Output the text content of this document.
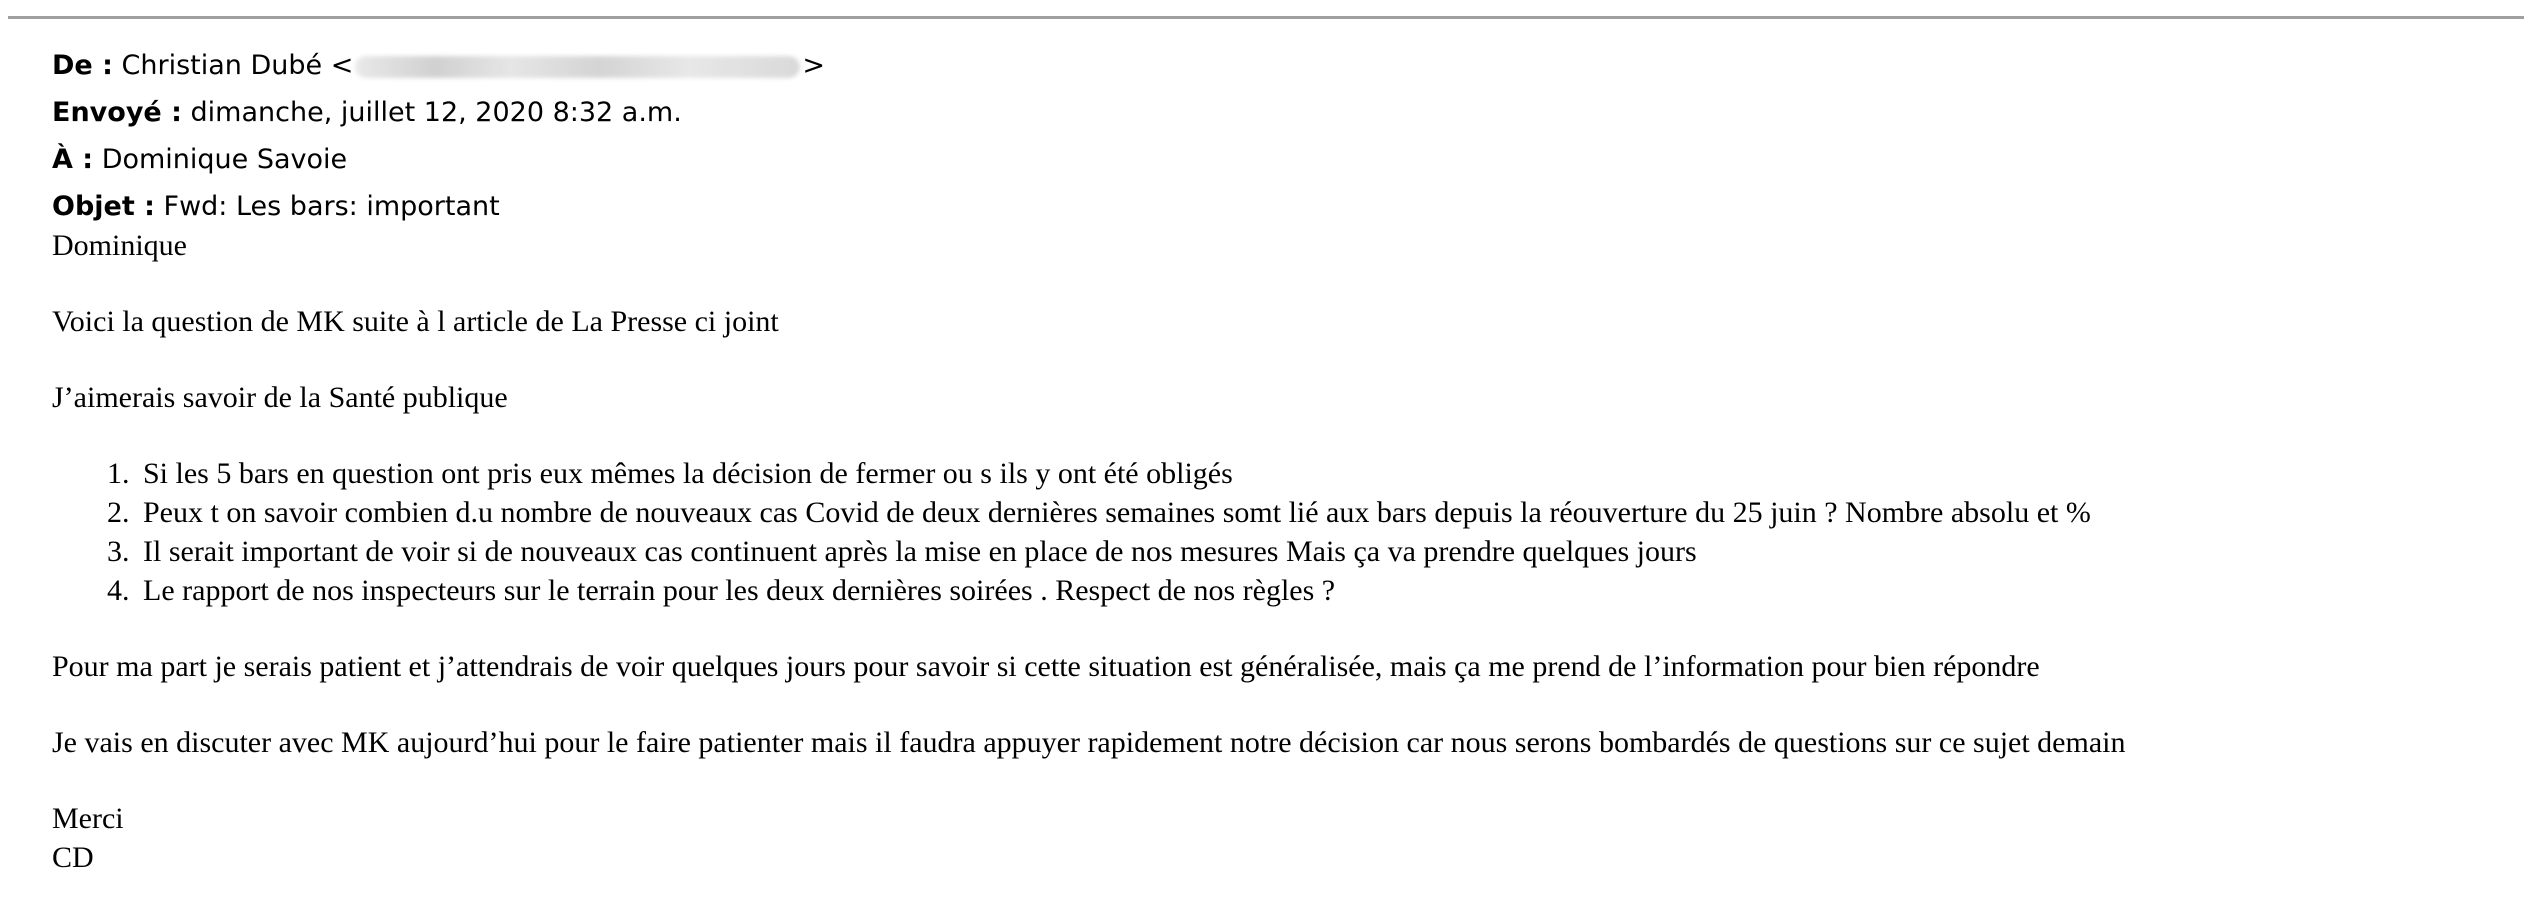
De : Christian Dubé <	>
Envoyé : dimanche, juillet 12, 2020 8:32 a.m.
À : Dominique Savoie
Objet : Fwd: Les bars: important

Dominique

Voici la question de MK suite à l article de La Presse ci joint

J’aimerais savoir de la Santé publique

1. Si les 5 bars en question ont pris eux mêmes la décision de fermer ou s ils y ont été obligés
2. Peux t on savoir combien d.u nombre de nouveaux cas Covid de deux dernières semaines somt lié aux bars depuis la réouverture du 25 juin ? Nombre absolu et %
3. Il serait important de voir si de nouveaux cas continuent après la mise en place de nos mesures Mais ça va prendre quelques jours
4. Le rapport de nos inspecteurs sur le terrain pour les deux dernières soirées . Respect de nos règles ?

Pour ma part je serais patient et j’attendrais de voir quelques jours pour savoir si cette situation est généralisée, mais ça me prend de l’information pour bien répondre

Je vais en discuter avec MK aujourd’hui pour le faire patienter mais il faudra appuyer rapidement notre décision car nous serons bombardés de questions sur ce sujet demain

Merci

CD
